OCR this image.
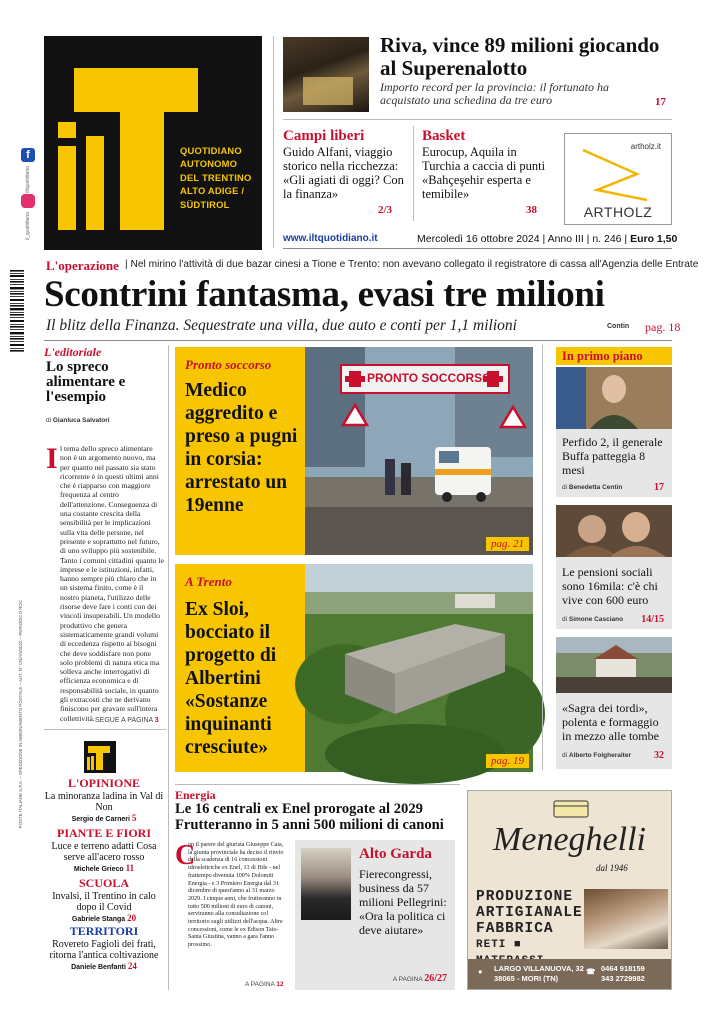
f
iltquotidiano
il_quotidiano
POSTE ITALIANE S.P.A. – SPEDIZIONE IN ABBONAMENTO POSTALE – AUT. N° CN/AN/2022 – PERIODICO ROC
QUOTIDIANO
AUTONOMO
DEL TRENTINO
ALTO ADIGE /
SÜDTIROL
Riva, vince 89 milioni giocando al Superenalotto
Importo record per la provincia: il fortunato ha acquistato una schedina da tre euro	17
Campi liberi
Guido Alfani, viaggio storico nella ricchezza: «Gli agiati di oggi? Con la finanza»
2/3
Basket
Eurocup, Aquila in Turchia a caccia di punti «Bahçeşehir esperta e temibile»
38
artholz.it
ARTHOLZ
www.iltquotidiano.it	Mercoledì 16 ottobre 2024 | Anno III | n. 246 | Euro 1,50
L'operazione | Nel mirino l'attività di due bazar cinesi a Tione e Trento: non avevano collegato il registratore di cassa all'Agenzia delle Entrate
Scontrini fantasma, evasi tre milioni
Il blitz della Finanza. Sequestrate una villa, due auto e conti per 1,1 milioni	Contin pag. 18
L'editoriale
Lo spreco alimentare e l'esempio
di Gianluca Salvatori
I l tema dello spreco alimentare non è un argomento nuovo, ma per quanto nel passato sia stato ricorrente è in questi ultimi anni che è riapparso con maggiore frequenza al centro dell'attenzione. Conseguenza di una costante crescita della sensibilità per le implicazioni sulla vita delle persone, nel presente e soprattutto nel futuro, di uno sviluppo più sostenibile. Tanto i comuni cittadini quanto le imprese e le istituzioni, infatti, hanno sempre più chiaro che in un sistema finito, come è il nostro pianeta, l'utilizzo delle risorse deve fare i conti con dei vincoli insuperabili. Un modello produttivo che genera sistematicamente grandi volumi di eccedenza rispetto ai bisogni che deve soddisfare non pone solo problemi di natura etica ma solleva anche interrogativi di efficienza economica e di responsabilità sociale, in quanto gli extracosti che ne derivano finiscono per gravare sull'intera collettività. SEGUE A PAGINA 3
Pronto soccorso
Medico aggredito e preso a pugni in corsia: arrestato un 19enne
PRONTO SOCCORSO
pag. 21
A Trento
Ex Sloi, bocciato il progetto di Albertini «Sostanze inquinanti cresciute»
pag. 19
In primo piano
Perfido 2, il generale Buffa patteggia 8 mesi
di Benedetta Centin	17
Le pensioni sociali sono 16mila: c'è chi vive con 600 euro
di Simone Casciano 14/15
«Sagra dei tordi», polenta e formaggio in mezzo alle tombe
di Alberto Folgheraiter 32
L'OPINIONE
La minoranza ladina in Val di Non
Sergio de Carneri 5
PIANTE E FIORI
Luce e terreno adatti Cosa serve all'acero rosso
Michele Grieco 11
SCUOLA
Invalsi, il Trentino in calo dopo il Covid
Gabriele Stanga 20
TERRITORI
Rovereto Fagioli dei frati, ritorna l'antica coltivazione
Daniele Benfanti 24
Energia
Le 16 centrali ex Enel prorogate al 2029 Frutteranno in 5 anni 500 milioni di canoni
C
on il parere del giurista Giuseppe Caia, la giunta provinciale ha deciso il rinvio della scadenza di 16 concessioni idroelettriche ex Enel, 13 di Hde - nel frattempo divenuta 100% Dolomiti Energia - e 3 Primiero Energia dal 31 dicembre di quest'anno al 31 marzo 2029. I cinque anni, che frutteranno in tutto 500 milioni di euro di canoni, serviranno alla consultazione col territorio sugli utilizzi dell'acqua. Altre concessioni, come le ex Edison Taio-Santa Giustina, vanno a gara l'anno prossimo.
A PAGINA 12
Alto Garda
Fierecongressi, business da 57 milioni Pellegrini: «Ora la politica ci deve aiutare»
A PAGINA 26/27
Meneghelli
dal 1946
PRODUZIONE
ARTIGIANALE
FABBRICA
RETI ■
● LARGO VILLANUOVA, 32
38065 - MORI (TN)
☎ 0464 918159
343 2729982
